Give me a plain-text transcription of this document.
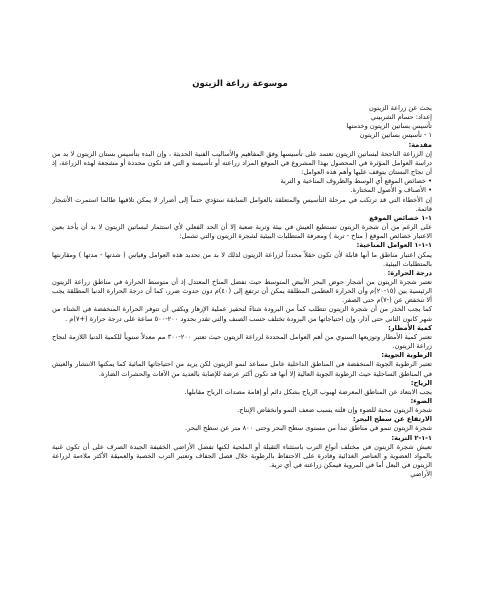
موسوعة زراعة الزيتون

بحث عن زراعة الزيتون

إعداد: حسام الشربيني

تأسيس بساتين الزيتون وخدمتها

١ - تأسيس بساتين الزيتون

مقدمة:

إن الزراعة الناجحة لبساتين الزيتون تعتمد على تأسيسها وفق المفاهيم والأساليب الفنية الحديثة ، وإن البدء بتأسيس بستان الزيتون لا بد من دراسة العوامل المؤثرة في المحصول بهذا المشروع في الموقع المراد زراعته أو تأسيسه و التي قد تكون محددة أو مشجعة لهذه الزراعة، إذ أن نجاح البستان يتوقف عليها وأهم هذه العوامل:

• خصائص الموقع أي الوسط والظروف المناخية و التربة

• الأصناف و الأصول المختارة.

إن الأخطاء التي قد ترتكب في مرحلة التأسيس والمتعلقة بالعوامل السابقة ستؤدي حتماً إلى أضرار لا يمكن تلافيها طالما استمرت الأشجار قائمة.

١-١ خصائص الموقع

على الرغم من أن شجرة الزيتون تستطيع العيش في بيئة وتربة صعبة إلا أن الحد الفعلي لأي استثمار لبساتين الزيتون لا بد أن يأخذ بعين الاعتبار خصائص الموقع ( مناخ - تربة ) ومعرفة المتطلبات البيئية لشجرة الزيتون والتي تشمل:

١-١-١ العوامل المناخية:

يمكن اعتبار مناطق ما أنها قابلة لأن تكون حقلاً محدداً لزراعة الزيتون لذلك لا بد من تحديد هذه العوامل وقياس ( شدتها - مدتها ) ومقارنتها بالمتطلبات البيئية.

درجة الحرارة:

تعتبر شجرة الزيتون من أشجار حوض البحر الأبيض المتوسط حيث تفضل المناخ المعتدل إذ أن متوسط الحرارة في مناطق زراعة الزيتون الرئيسية بين (١٥-٢٠)م وأن الحرارة العظمى المطلقة يمكن أن ترتفع إلى (٤٠)م دون حدوث ضرر، كما أن درجة الحرارة الدنيا المطلقة يجب ألا تنخفض عن (-٧)م حتى الصفر.

كما يجب الحذر من أن شجرة الزيتون تتطلب كماً من البرودة شتاءً لتحفيز عملية الإزهار ويكفي أن تتوفر الحرارة المنخفضة في الشتاء من شهر كانون الثاني حتى آذار، وإن احتياجاتها من البرودة تختلف حسب الصنف والتي تقدر بحدود ٢٠٠-٥٠٠ ساعة على درجة حرارة (+٧)م .

كمية الأمطار:

تعتبر كمية الأمطار وتوزيعها السنوي من أهم العوامل المحددة لزراعة الزيتون حيث تعتبر ٢٠٠-٣٠٠ مم معدلاً سنوياً للكمية الدنيا اللازمة لنجاح زراعة الزيتون.

الرطوبة الجوية:

تعتبر الرطوبة الجوية المنخفضة في المناطق الداخلية عامل مساعد لنمو الزيتون لكن يزيد من احتياجاتها المائية كما يمكنها الانتشار والعيش في المناطق الساحلية حيث الرطوبة الجوية العالية إلا أنها قد تكون أكثر عرضة للإصابة بالعديد من الآفات والحشرات الضارة.

الرياح:

يجب الابتعاد عن المناطق المعرضة لهبوب الرياح بشكل دائم أو إقامة مصدات الرياح مقابلها.

الضوء:

شجرة الزيتون محبة للضوء وإن قلته يسبب ضعف النمو وانخفاض الإنتاج.

الارتفاع عن سطح البحر:

شجرة الزيتون تنمو في مناطق تبدأ من مستوى سطح البحر وحتى ٨٠٠ متر عن سطح البحر.

١-١-٢ التربة:

تعيش شجرة الزيتون في مختلف أنواع الترب باستثناء الثقيلة أو الملحية لكنها تفضل الأراضي الخفيفة الجيدة الصرف على أن تكون غنية بالمواد العضوية و العناصر الغذائية وقادرة على الاحتفاظ بالرطوبة خلال فصل الجفاف وتعتبر الترب الخصبة والعميقة الأكثر ملاءمة لزراعة الزيتون في البعل أما في المروية فيمكن زراعته في أي تربة.

الأراضي
